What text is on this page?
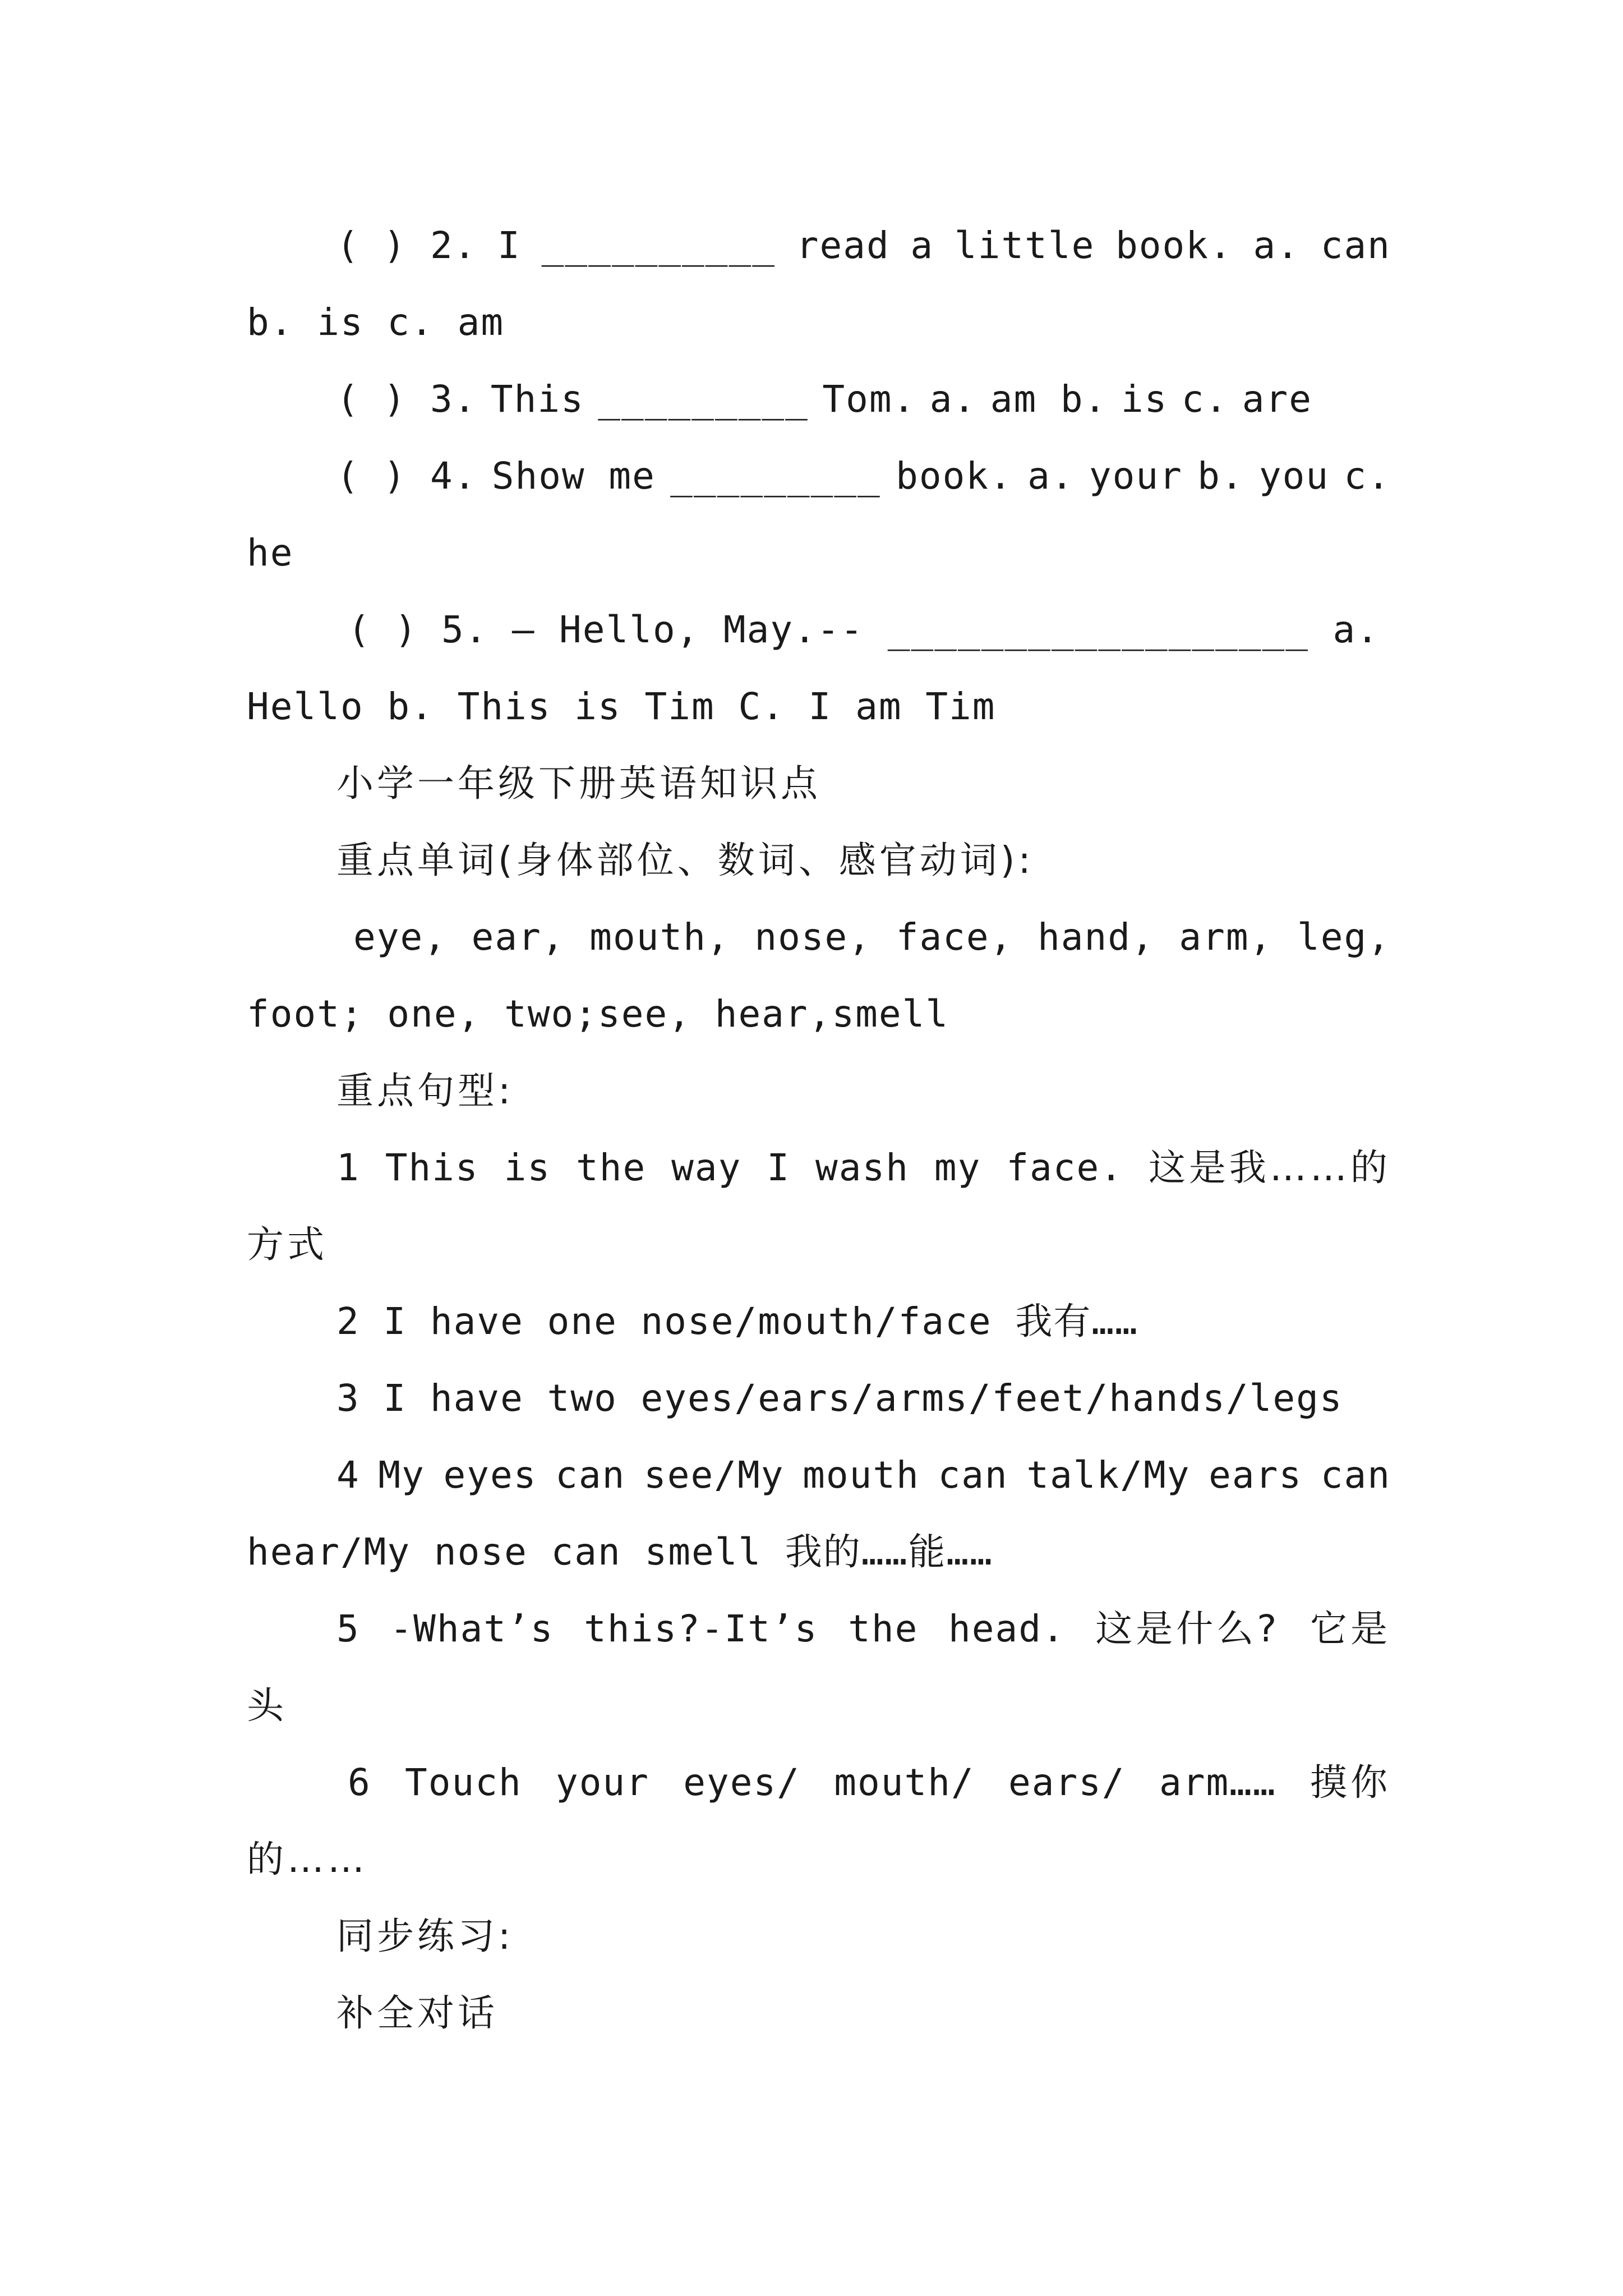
( ) 2. I __________ read a little book. a. can
b. is c. am
( ) 3. This _________ Tom. a. am b. is c. are
( ) 4. Show me _________ book. a. your b. you c.
he
( ) 5. – Hello, May.-- __________________ a.
Hello b. This is Tim C. I am Tim
小学一年级下册英语知识点
重点单词(身体部位、数词、感官动词):
eye, ear, mouth, nose, face, hand, arm, leg,
foot; one, two;see, hear,smell
重点句型:
1 This is the way I wash my face. 这是我……的
方式
2 I have one nose/mouth/face 我有……
3 I have two eyes/ears/arms/feet/hands/legs
4 My eyes can see/My mouth can talk/My ears can
hear/My nose can smell 我的……能……
5 -What’s this?-It’s the head. 这是什么? 它是
头
6 Touch your eyes/ mouth/ ears/ arm…… 摸你
的……
同步练习:
补全对话
